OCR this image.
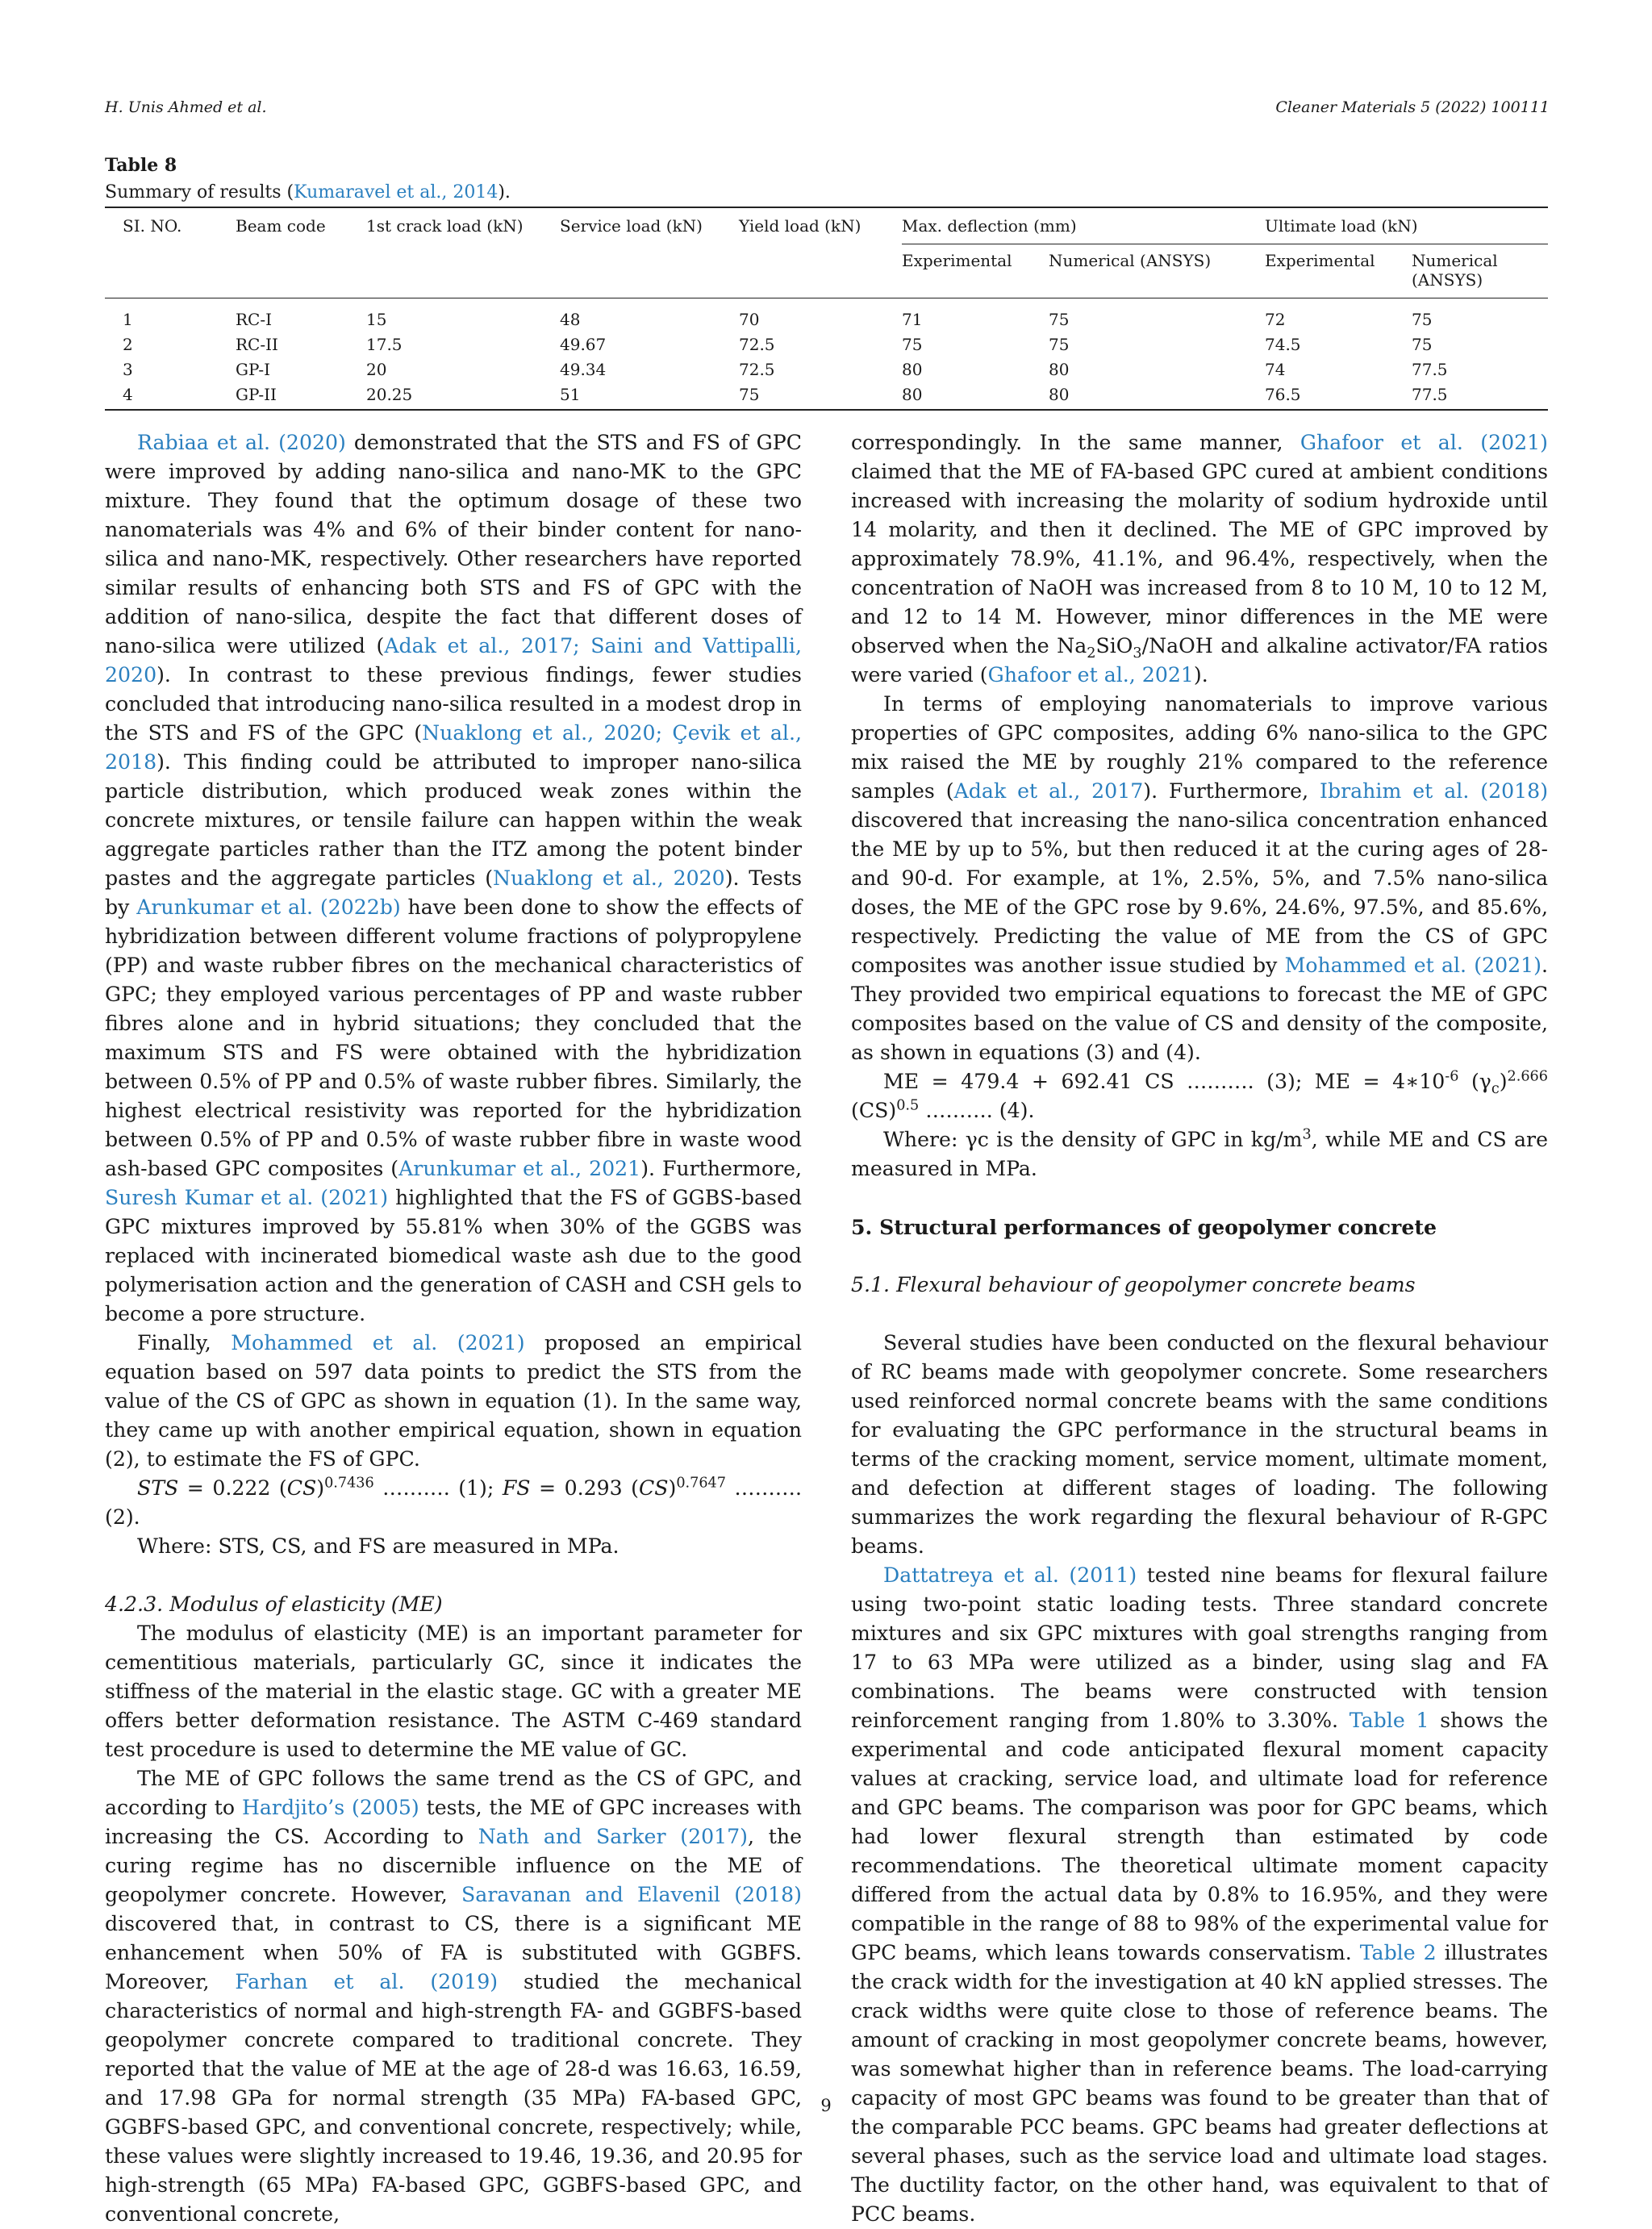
H. Unis Ahmed et al.	Cleaner Materials 5 (2022) 100111
Table 8
Summary of results (Kumaravel et al., 2014).
SI. NO.	Beam code	1st crack load (kN)	Service load (kN)	Yield load (kN)	Max. deflection (mm)		Ultimate load (kN)	
					Experimental	Numerical (ANSYS)	Experimental	Numerical (ANSYS)
1	RC-I	15	48	70	71	75	72	75
2	RC-II	17.5	49.67	72.5	75	75	74.5	75
3	GP-I	20	49.34	72.5	80	80	74	77.5
4	GP-II	20.25	51	75	80	80	76.5	77.5

Rabiaa et al. (2020) demonstrated that the STS and FS of GPC were improved by adding nano-silica and nano-MK to the GPC mixture. They found that the optimum dosage of these two nanomaterials was 4% and 6% of their binder content for nano-silica and nano-MK, respectively. Other researchers have reported similar results of enhancing both STS and FS of GPC with the addition of nano-silica, despite the fact that different doses of nano-silica were utilized (Adak et al., 2017; Saini and Vattipalli, 2020). In contrast to these previous findings, fewer studies concluded that introducing nano-silica resulted in a modest drop in the STS and FS of the GPC (Nuaklong et al., 2020; Çevik et al., 2018). This finding could be attributed to improper nano-silica particle distribution, which produced weak zones within the concrete mixtures, or tensile failure can happen within the weak aggregate particles rather than the ITZ among the potent binder pastes and the aggregate particles (Nuaklong et al., 2020). Tests by Arunkumar et al. (2022b) have been done to show the effects of hybridization between different volume fractions of polypropylene (PP) and waste rubber fibres on the mechanical characteristics of GPC; they employed various percentages of PP and waste rubber fibres alone and in hybrid situations; they concluded that the maximum STS and FS were obtained with the hybridization between 0.5% of PP and 0.5% of waste rubber fibres. Similarly, the highest electrical resistivity was reported for the hybridization between 0.5% of PP and 0.5% of waste rubber fibre in waste wood ash-based GPC composites (Arunkumar et al., 2021). Furthermore, Suresh Kumar et al. (2021) highlighted that the FS of GGBS-based GPC mixtures improved by 55.81% when 30% of the GGBS was replaced with incinerated biomedical waste ash due to the good polymerisation action and the generation of CASH and CSH gels to become a pore structure.

Finally, Mohammed et al. (2021) proposed an empirical equation based on 597 data points to predict the STS from the value of the CS of GPC as shown in equation (1). In the same way, they came up with another empirical equation, shown in equation (2), to estimate the FS of GPC.

STS = 0.222 (CS)$^{0.7436}$ ………. (1); FS = 0.293 (CS)$^{0.7647}$ ………. (2).

Where: STS, CS, and FS are measured in MPa.

4.2.3. Modulus of elasticity (ME)

The modulus of elasticity (ME) is an important parameter for cementitious materials, particularly GC, since it indicates the stiffness of the material in the elastic stage. GC with a greater ME offers better deformation resistance. The ASTM C-469 standard test procedure is used to determine the ME value of GC.

The ME of GPC follows the same trend as the CS of GPC, and according to Hardjito’s (2005) tests, the ME of GPC increases with increasing the CS. According to Nath and Sarker (2017), the curing regime has no discernible influence on the ME of geopolymer concrete. However, Saravanan and Elavenil (2018) discovered that, in contrast to CS, there is a significant ME enhancement when 50% of FA is substituted with GGBFS. Moreover, Farhan et al. (2019) studied the mechanical characteristics of normal and high-strength FA- and GGBFS-based geopolymer concrete compared to traditional concrete. They reported that the value of ME at the age of 28-d was 16.63, 16.59, and 17.98 GPa for normal strength (35 MPa) FA-based GPC, GGBFS-based GPC, and conventional concrete, respectively; while, these values were slightly increased to 19.46, 19.36, and 20.95 for high-strength (65 MPa) FA-based GPC, GGBFS-based GPC, and conventional concrete,

correspondingly. In the same manner, Ghafoor et al. (2021) claimed that the ME of FA-based GPC cured at ambient conditions increased with increasing the molarity of sodium hydroxide until 14 molarity, and then it declined. The ME of GPC improved by approximately 78.9%, 41.1%, and 96.4%, respectively, when the concentration of NaOH was increased from 8 to 10 M, 10 to 12 M, and 12 to 14 M. However, minor differences in the ME were observed when the $Na_2SiO_3$/NaOH and alkaline activator/FA ratios were varied (Ghafoor et al., 2021).

In terms of employing nanomaterials to improve various properties of GPC composites, adding 6% nano-silica to the GPC mix raised the ME by roughly 21% compared to the reference samples (Adak et al., 2017). Furthermore, Ibrahim et al. (2018) discovered that increasing the nano-silica concentration enhanced the ME by up to 5%, but then reduced it at the curing ages of 28- and 90-d. For example, at 1%, 2.5%, 5%, and 7.5% nano-silica doses, the ME of the GPC rose by 9.6%, 24.6%, 97.5%, and 85.6%, respectively. Predicting the value of ME from the CS of GPC composites was another issue studied by Mohammed et al. (2021). They provided two empirical equations to forecast the ME of GPC composites based on the value of CS and density of the composite, as shown in equations (3) and (4).

ME = 479.4 + 692.41 CS ………. (3); ME = $4∗10^{-6}$ $(\gamma_c)^{2.666}$ (CS)$^{0.5}$ ………. (4).

Where: γc is the density of GPC in $kg/m^3$, while ME and CS are measured in MPa.

5. Structural performances of geopolymer concrete
5.1. Flexural behaviour of geopolymer concrete beams

Several studies have been conducted on the flexural behaviour of RC beams made with geopolymer concrete. Some researchers used reinforced normal concrete beams with the same conditions for evaluating the GPC performance in the structural beams in terms of the cracking moment, service moment, ultimate moment, and defection at different stages of loading. The following summarizes the work regarding the flexural behaviour of R-GPC beams.

Dattatreya et al. (2011) tested nine beams for flexural failure using two-point static loading tests. Three standard concrete mixtures and six GPC mixtures with goal strengths ranging from 17 to 63 MPa were utilized as a binder, using slag and FA combinations. The beams were constructed with tension reinforcement ranging from 1.80% to 3.30%. Table 1 shows the experimental and code anticipated flexural moment capacity values at cracking, service load, and ultimate load for reference and GPC beams. The comparison was poor for GPC beams, which had lower flexural strength than estimated by code recommendations. The theoretical ultimate moment capacity differed from the actual data by 0.8% to 16.95%, and they were compatible in the range of 88 to 98% of the experimental value for GPC beams, which leans towards conservatism. Table 2 illustrates the crack width for the investigation at 40 kN applied stresses. The crack widths were quite close to those of reference beams. The amount of cracking in most geopolymer concrete beams, however, was somewhat higher than in reference beams. The load-carrying capacity of most GPC beams was found to be greater than that of the comparable PCC beams. GPC beams had greater deflections at several phases, such as the service load and ultimate load stages. The ductility factor, on the other hand, was equivalent to that of PCC beams.

9
